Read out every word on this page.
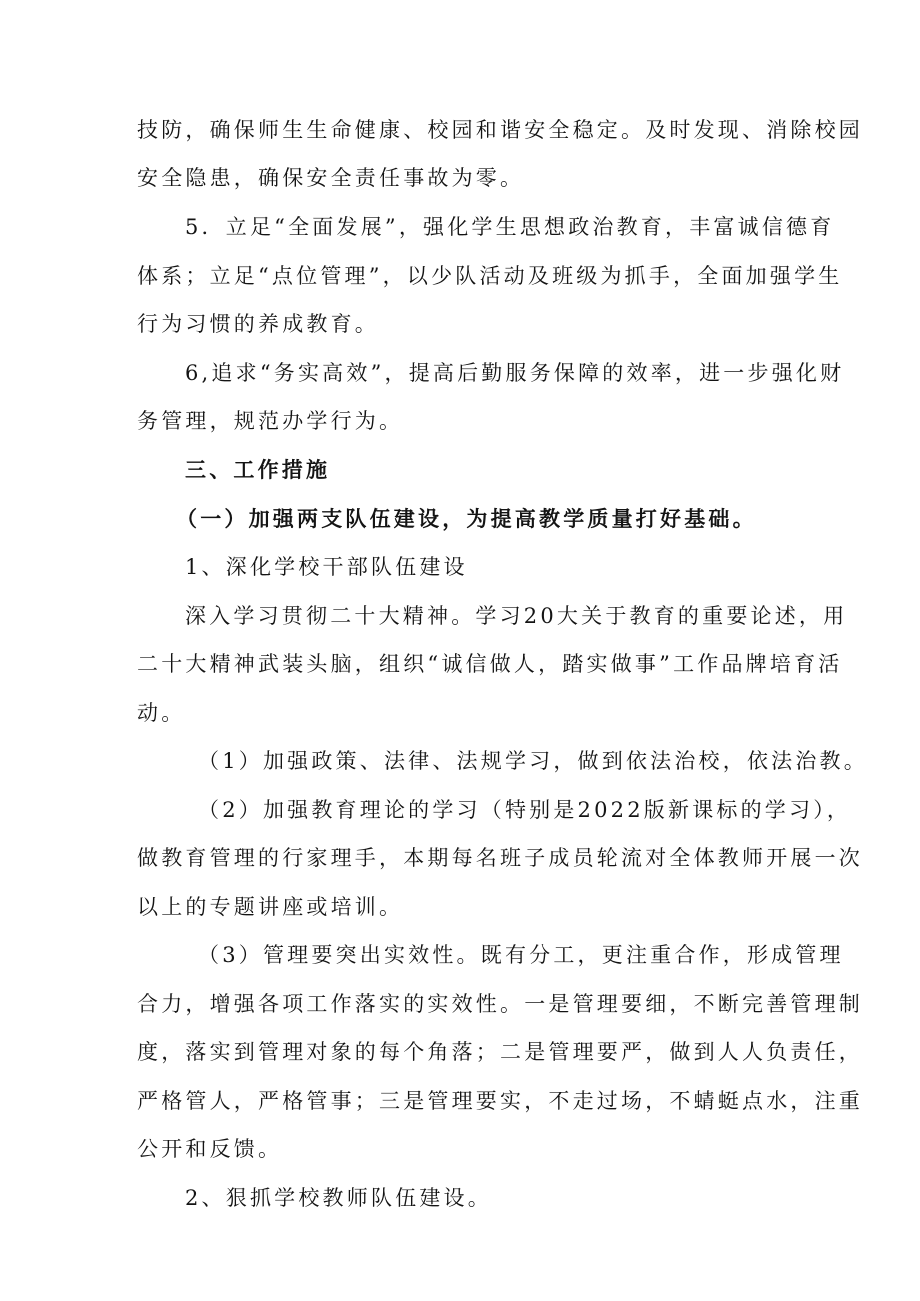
技防，确保师生生命健康、校园和谐安全稳定。及时发现、消除校园
安全隐患，确保安全责任事故为零。
5．立足“全面发展”，强化学生思想政治教育，丰富诚信德育
体系；立足“点位管理”，以少队活动及班级为抓手，全面加强学生
行为习惯的养成教育。
6,追求“务实高效”，提高后勤服务保障的效率，进一步强化财
务管理，规范办学行为。
三、工作措施
（一）加强两支队伍建设，为提高教学质量打好基础。
1、深化学校干部队伍建设
深入学习贯彻二十大精神。学习20大关于教育的重要论述，用
二十大精神武装头脑，组织“诚信做人，踏实做事”工作品牌培育活
动。
（1）加强政策、法律、法规学习，做到依法治校，依法治教。
（2）加强教育理论的学习（特别是2022版新课标的学习），
做教育管理的行家理手，本期每名班子成员轮流对全体教师开展一次
以上的专题讲座或培训。
（3）管理要突出实效性。既有分工，更注重合作，形成管理
合力，增强各项工作落实的实效性。一是管理要细，不断完善管理制
度，落实到管理对象的每个角落；二是管理要严，做到人人负责任，
严格管人，严格管事；三是管理要实，不走过场，不蜻蜓点水，注重
公开和反馈。
2、狠抓学校教师队伍建设。
